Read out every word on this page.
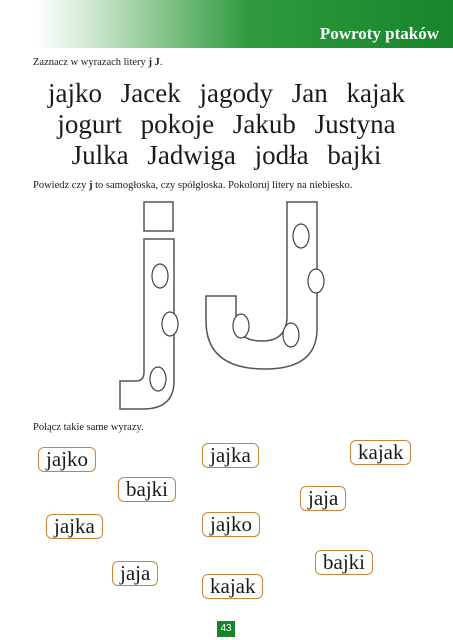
Powroty ptaków
Zaznacz w wyrazach litery j J.
jajko Jacek jagody Jan kajak
jogurt pokoje Jakub Justyna
Julka Jadwiga jodła bajki
Powiedz czy j to samogłoska, czy spółgłoska. Pokoloruj litery na niebiesko.
Połącz takie same wyrazy.
jajko	jajka	kajak
bajki	jaja
jajka	jajko
bajki
jaja
kajak
43
